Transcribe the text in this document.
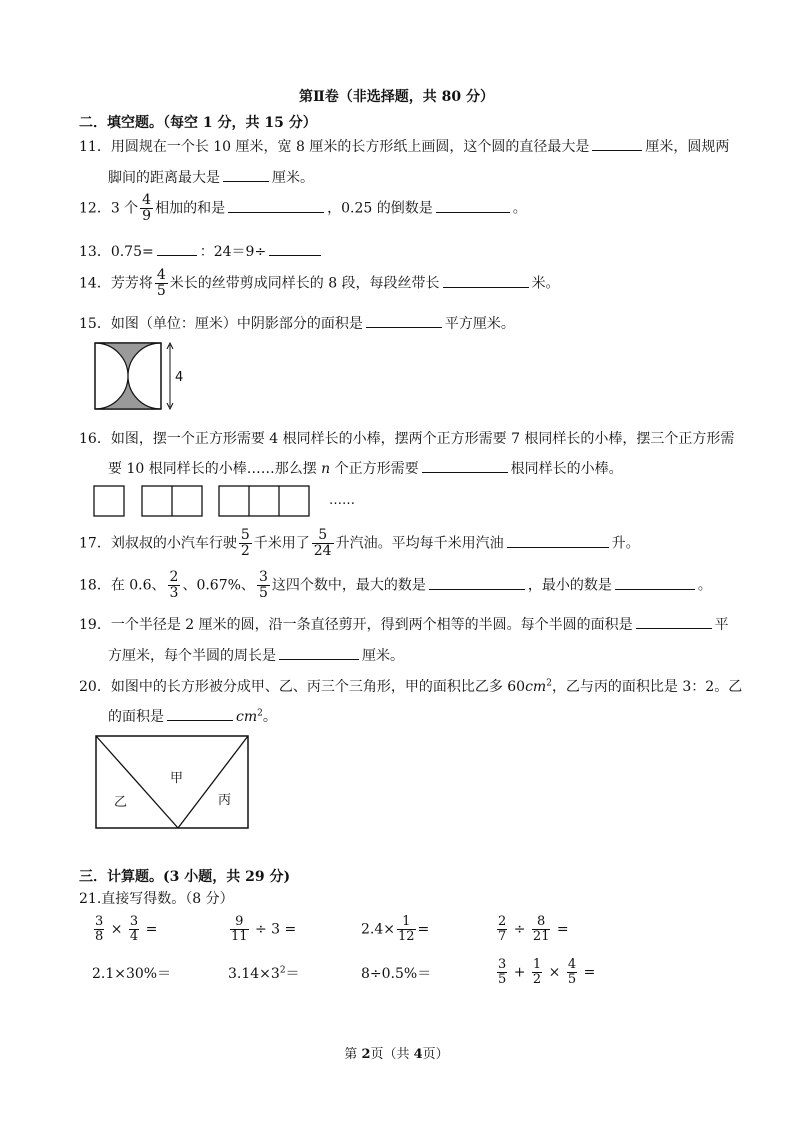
第Ⅱ卷（非选择题，共 80 分）
二．填空题。（每空 1 分，共 15 分）
11．用圆规在一个长 10 厘米，宽 8 厘米的长方形纸上画圆，这个圆的直径最大是	厘米，圆规两
脚间的距离最大是	厘米。
12．3 个 $\frac{4}{9}$ 相加的和是	，0.25 的倒数是	。
13．0.75=	：24＝9÷
14．芳芳将 $\frac{4}{5}$ 米长的丝带剪成同样长的 8 段，每段丝带长	米。
15．如图（单位：厘米）中阴影部分的面积是	平方厘米。
4
16．如图，摆一个正方形需要 4 根同样长的小棒，摆两个正方形需要 7 根同样长的小棒，摆三个正方形需
要 10 根同样长的小棒……那么摆 n 个正方形需要	根同样长的小棒。
……
17．刘叔叔的小汽车行驶 $\frac{5}{2}$ 千米用了 $\frac{5}{24}$ 升汽油。平均每千米用汽油	升。
18．在 0.6、 $\frac{2}{3}$ 、0.67%、 $\frac{3}{5}$ 这四个数中，最大的数是	，最小的数是	。
19．一个半径是 2 厘米的圆，沿一条直径剪开，得到两个相等的半圆。每个半圆的面积是	平
方厘米，每个半圆的周长是	厘米。
20．如图中的长方形被分成甲、乙、丙三个三角形，甲的面积比乙多 $60cm^2$，乙与丙的面积比是 3：2。乙
的面积是	$cm^2$。
甲
乙	丙
三．计算题。(3 小题，共 29 分)
21.直接写得数。（8 分）
$\frac{3}{8} \times \frac{3}{4}$ =	$\frac{9}{11} \div 3$ =	$2.4\times \frac{1}{12}$ =	$\frac{2}{7} \div \frac{8}{21}$ =
2.1×30%＝	$3.14\times 3^2=$	8÷0.5%＝	$\frac{3}{5} + \frac{1}{2} \times \frac{4}{5}$ =
第 2页（共 4页）
